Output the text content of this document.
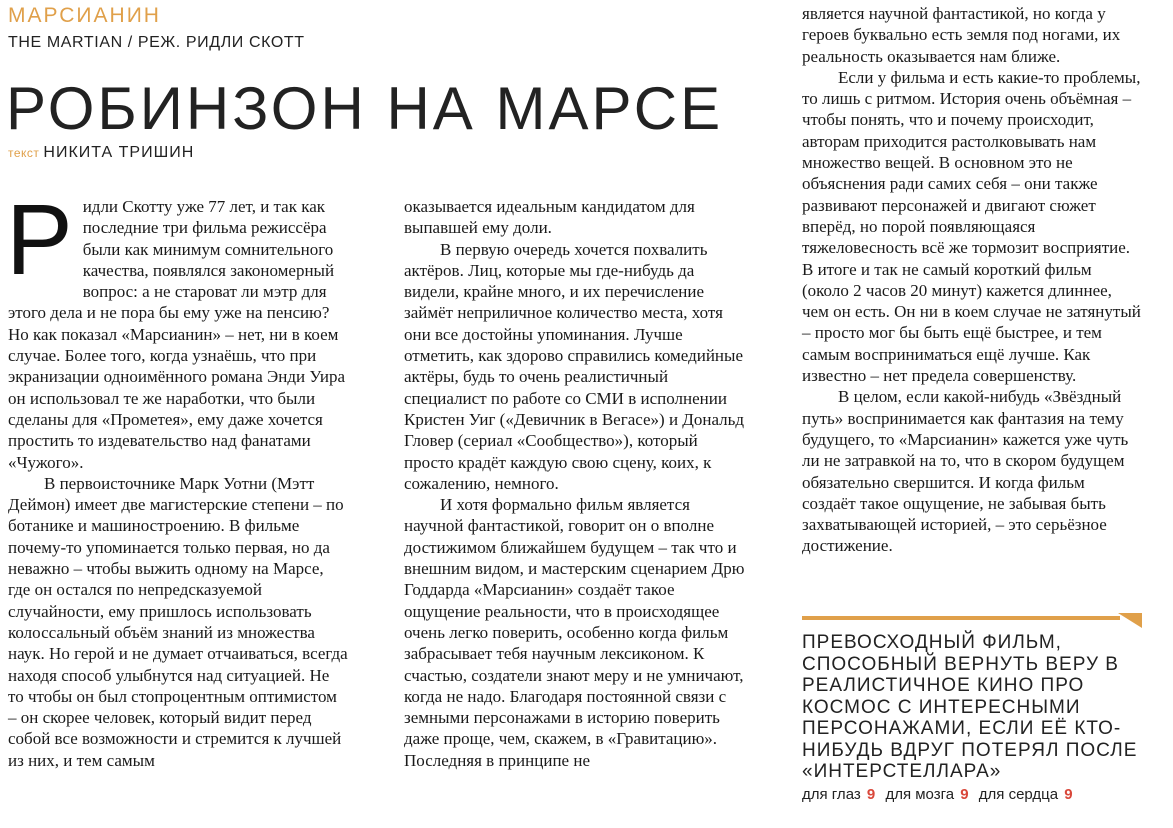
МАРСИАНИН

THE MARTIAN / РЕЖ. РИДЛИ СКОТТ

РОБИНЗОН НА МАРСЕ

текст НИКИТА ТРИШИН

Ридли Скотту уже 77 лет, и так как последние три фильма режиссёра были как минимум сомнительного качества, появлялся закономерный вопрос: а не староват ли мэтр для этого дела и не пора бы ему уже на пенсию? Но как показал «Марсианин» – нет, ни в коем случае. Более того, когда узнаёшь, что при экранизации одноимённого романа Энди Уира он использовал те же наработки, что были сделаны для «Прометея», ему даже хочется простить то издевательство над фанатами «Чужого».

В первоисточнике Марк Уотни (Мэтт Деймон) имеет две магистерские степени – по ботанике и машиностроению. В фильме почему-то упоминается только первая, но да неважно – чтобы выжить одному на Марсе, где он остался по непредсказуемой случайности, ему пришлось использовать колоссальный объём знаний из множества наук. Но герой и не думает отчаиваться, всегда находя способ улыбнутся над ситуацией. Не то чтобы он был стопроцентным оптимистом – он скорее человек, который видит перед собой все возможности и стремится к лучшей из них, и тем самым

оказывается идеальным кандидатом для выпавшей ему доли.

В первую очередь хочется похвалить актёров. Лиц, которые мы где-нибудь да видели, крайне много, и их перечисление займёт неприличное количество места, хотя они все достойны упоминания. Лучше отметить, как здорово справились комедийные актёры, будь то очень реалистичный специалист по работе со СМИ в исполнении Кристен Уиг («Девичник в Вегасе») и Дональд Гловер (сериал «Сообщество»), который просто крадёт каждую свою сцену, коих, к сожалению, немного.

И хотя формально фильм является научной фантастикой, говорит он о вполне достижимом ближайшем будущем – так что и внешним видом, и мастерским сценарием Дрю Годдарда «Марсианин» создаёт такое ощущение реальности, что в происходящее очень легко поверить, особенно когда фильм забрасывает тебя научным лексиконом. К счастью, создатели знают меру и не умничают, когда не надо. Благодаря постоянной связи с земными персонажами в историю поверить даже проще, чем, скажем, в «Гравитацию». Последняя в принципе не

является научной фантастикой, но когда у героев буквально есть земля под ногами, их реальность оказывается нам ближе.

Если у фильма и есть какие-то проблемы, то лишь с ритмом. История очень объёмная – чтобы понять, что и почему происходит, авторам приходится растолковывать нам множество вещей. В основном это не объяснения ради самих себя – они также развивают персонажей и двигают сюжет вперёд, но порой появляющаяся тяжеловесность всё же тормозит восприятие. В итоге и так не самый короткий фильм (около 2 часов 20 минут) кажется длиннее, чем он есть. Он ни в коем случае не затянутый – просто мог бы быть ещё быстрее, и тем самым восприниматься ещё лучше. Как известно – нет предела совершенству.

В целом, если какой-нибудь «Звёздный путь» воспринимается как фантазия на тему будущего, то «Марсианин» кажется уже чуть ли не затравкой на то, что в скором будущем обязательно свершится. И когда фильм создаёт такое ощущение, не забывая быть захватывающей историей, – это серьёзное достижение.

ПРЕВОСХОДНЫЙ ФИЛЬМ, СПОСОБНЫЙ ВЕРНУТЬ ВЕРУ В РЕАЛИСТИЧНОЕ КИНО ПРО КОСМОС С ИНТЕРЕСНЫМИ ПЕРСОНАЖАМИ, ЕСЛИ ЕЁ КТО-НИБУДЬ ВДРУГ ПОТЕРЯЛ ПОСЛЕ «ИНТЕРСТЕЛЛАРА»

для глаз 9 для мозга 9 для сердца 9
